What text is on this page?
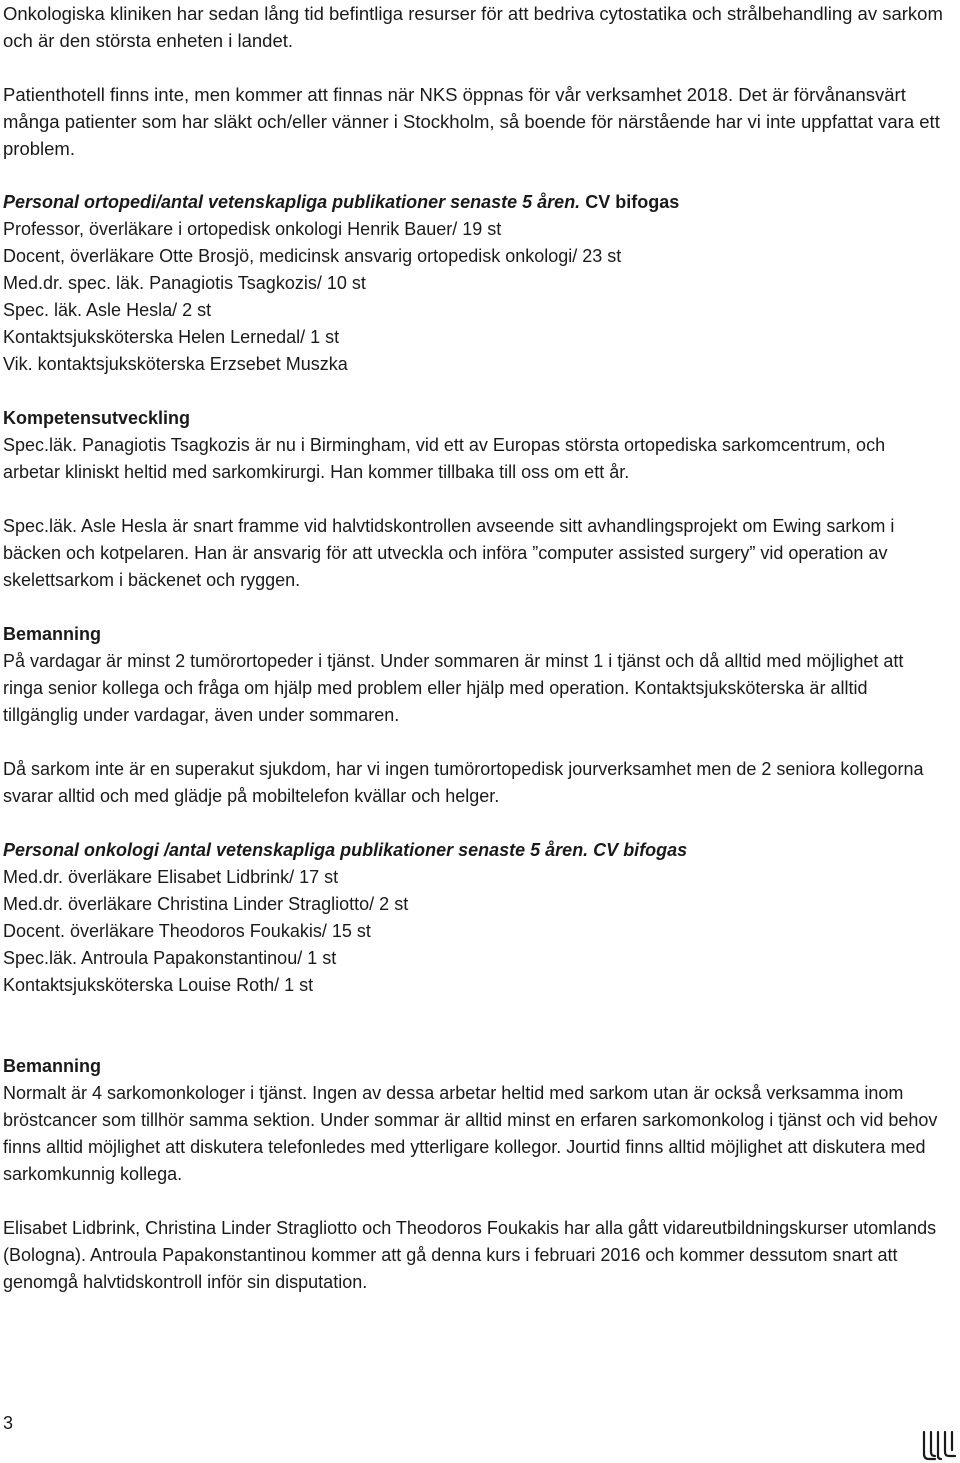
Onkologiska kliniken har sedan lång tid befintliga resurser för att bedriva cytostatika och strålbehandling av sarkom och är den största enheten i landet.

Patienthotell finns inte, men kommer att finnas när NKS öppnas för vår verksamhet 2018. Det är förvånansvärt många patienter som har släkt och/eller vänner i Stockholm, så boende för närstående har vi inte uppfattat vara ett problem.

Personal ortopedi/antal vetenskapliga publikationer senaste 5 åren. CV bifogas

Professor, överläkare i ortopedisk onkologi Henrik Bauer/ 19 st

Docent, överläkare Otte Brosjö, medicinsk ansvarig ortopedisk onkologi/ 23 st

Med.dr. spec. läk. Panagiotis Tsagkozis/ 10 st

Spec. läk. Asle Hesla/ 2 st

Kontaktsjuksköterska Helen Lernedal/ 1 st

Vik. kontaktsjuksköterska Erzsebet Muszka

Kompetensutveckling

Spec.läk. Panagiotis Tsagkozis är nu i Birmingham, vid ett av Europas största ortopediska sarkomcentrum, och arbetar kliniskt heltid med sarkomkirurgi. Han kommer tillbaka till oss om ett år.

Spec.läk. Asle Hesla är snart framme vid halvtidskontrollen avseende sitt avhandlingsprojekt om Ewing sarkom i bäcken och kotpelaren. Han är ansvarig för att utveckla och införa ”computer assisted surgery” vid operation av skelettsarkom i bäckenet och ryggen.

Bemanning

På vardagar är minst 2 tumörortopeder i tjänst. Under sommaren är minst 1 i tjänst och då alltid med möjlighet att ringa senior kollega och fråga om hjälp med problem eller hjälp med operation. Kontaktsjuksköterska är alltid tillgänglig under vardagar, även under sommaren.

Då sarkom inte är en superakut sjukdom, har vi ingen tumörortopedisk jourverksamhet men de 2 seniora kollegorna svarar alltid och med glädje på mobiltelefon kvällar och helger.

Personal onkologi /antal vetenskapliga publikationer senaste 5 åren. CV bifogas

Med.dr. överläkare Elisabet Lidbrink/ 17 st

Med.dr. överläkare Christina Linder Stragliotto/ 2 st

Docent. överläkare Theodoros Foukakis/ 15 st

Spec.läk. Antroula Papakonstantinou/ 1 st

Kontaktsjuksköterska Louise Roth/ 1 st

Bemanning

Normalt är 4 sarkomonkologer i tjänst. Ingen av dessa arbetar heltid med sarkom utan är också verksamma inom bröstcancer som tillhör samma sektion. Under sommar är alltid minst en erfaren sarkomonkolog i tjänst och vid behov finns alltid möjlighet att diskutera telefonledes med ytterligare kollegor. Jourtid finns alltid möjlighet att diskutera med sarkomkunnig kollega.

Elisabet Lidbrink, Christina Linder Stragliotto och Theodoros Foukakis har alla gått vidareutbildningskurser utomlands (Bologna). Antroula Papakonstantinou kommer att gå denna kurs i februari 2016 och kommer dessutom snart att genomgå halvtidskontroll inför sin disputation.

3
